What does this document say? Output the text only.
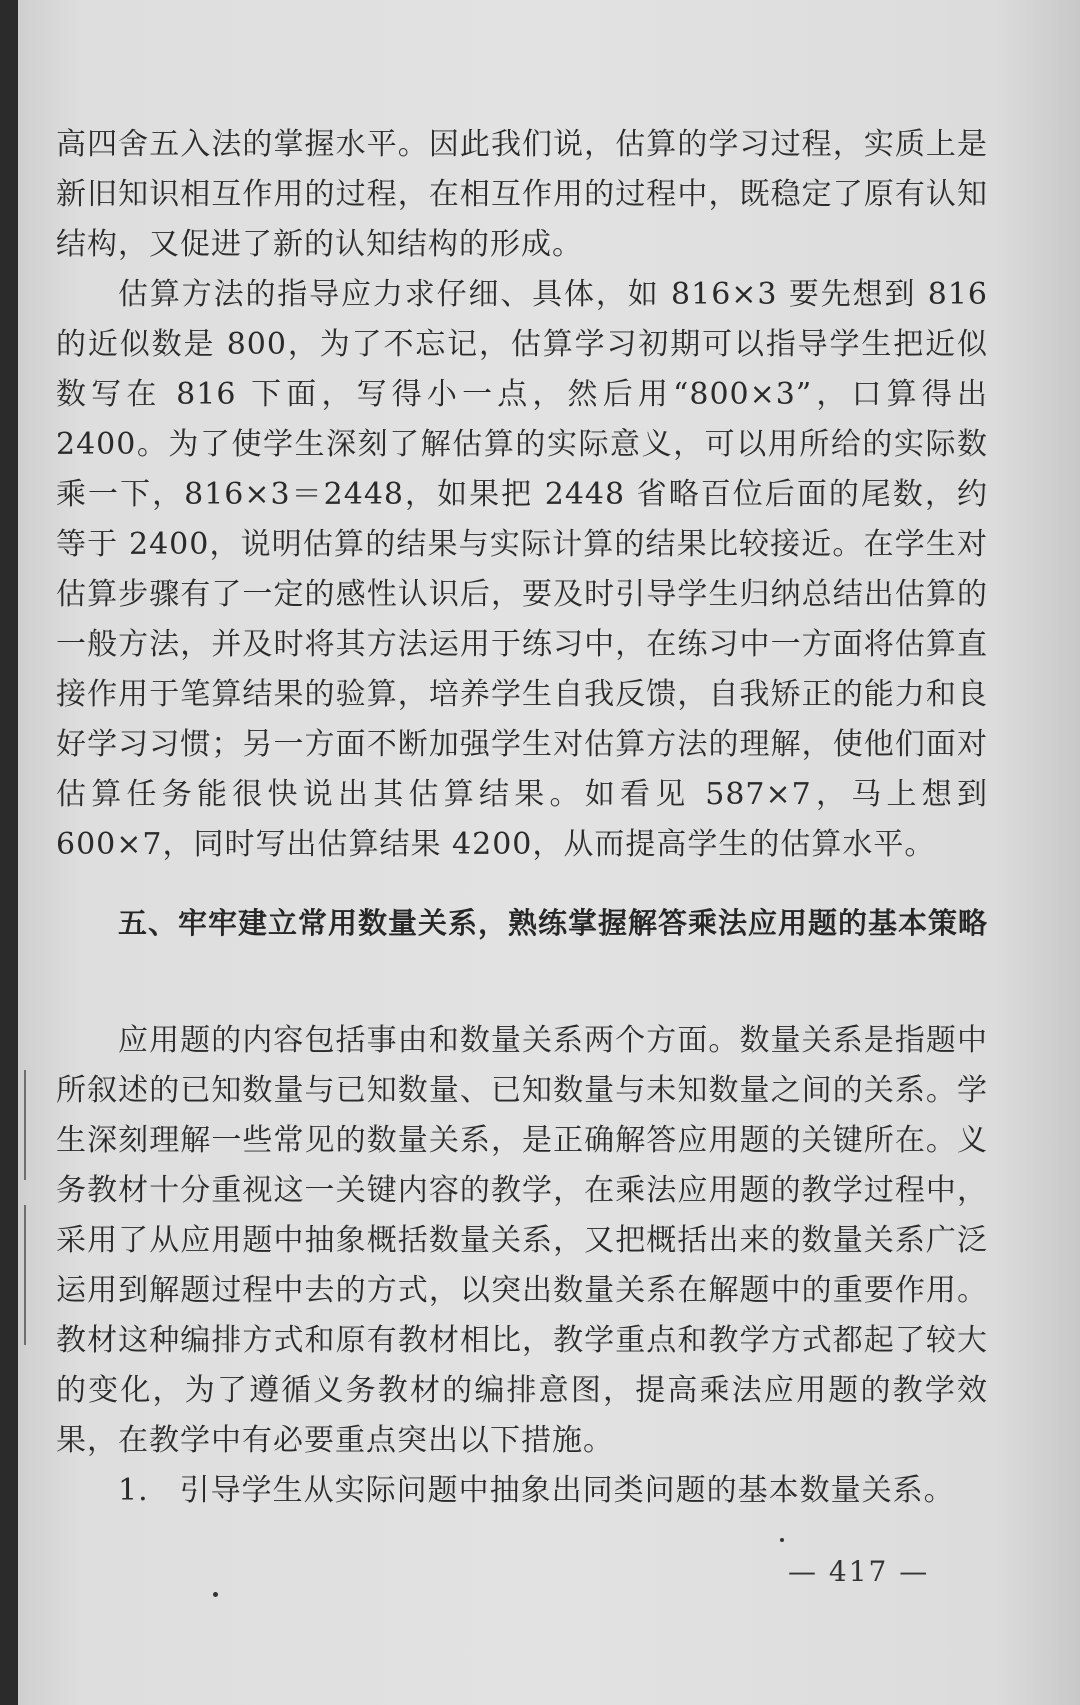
高四舍五入法的掌握水平。因此我们说，估算的学习过程，实质上是新旧知识相互作用的过程，在相互作用的过程中，既稳定了原有认知结构，又促进了新的认知结构的形成。

估算方法的指导应力求仔细、具体，如 816×3 要先想到 816 的近似数是 800，为了不忘记，估算学习初期可以指导学生把近似数写在 816 下面，写得小一点，然后用“800×3”，口算得出 2400。为了使学生深刻了解估算的实际意义，可以用所给的实际数乘一下，816×3＝2448，如果把 2448 省略百位后面的尾数，约等于 2400，说明估算的结果与实际计算的结果比较接近。在学生对估算步骤有了一定的感性认识后，要及时引导学生归纳总结出估算的一般方法，并及时将其方法运用于练习中，在练习中一方面将估算直接作用于笔算结果的验算，培养学生自我反馈，自我矫正的能力和良好学习习惯；另一方面不断加强学生对估算方法的理解，使他们面对估算任务能很快说出其估算结果。如看见 587×7，马上想到 600×7，同时写出估算结果 4200，从而提高学生的估算水平。

五、牢牢建立常用数量关系，熟练掌握解答乘法应用题的基本策略

应用题的内容包括事由和数量关系两个方面。数量关系是指题中所叙述的已知数量与已知数量、已知数量与未知数量之间的关系。学生深刻理解一些常见的数量关系，是正确解答应用题的关键所在。义务教材十分重视这一关键内容的教学，在乘法应用题的教学过程中，采用了从应用题中抽象概括数量关系，又把概括出来的数量关系广泛运用到解题过程中去的方式，以突出数量关系在解题中的重要作用。教材这种编排方式和原有教材相比，教学重点和教学方式都起了较大的变化，为了遵循义务教材的编排意图，提高乘法应用题的教学效果，在教学中有必要重点突出以下措施。

1.　引导学生从实际问题中抽象出同类问题的基本数量关系。

— 417 —
